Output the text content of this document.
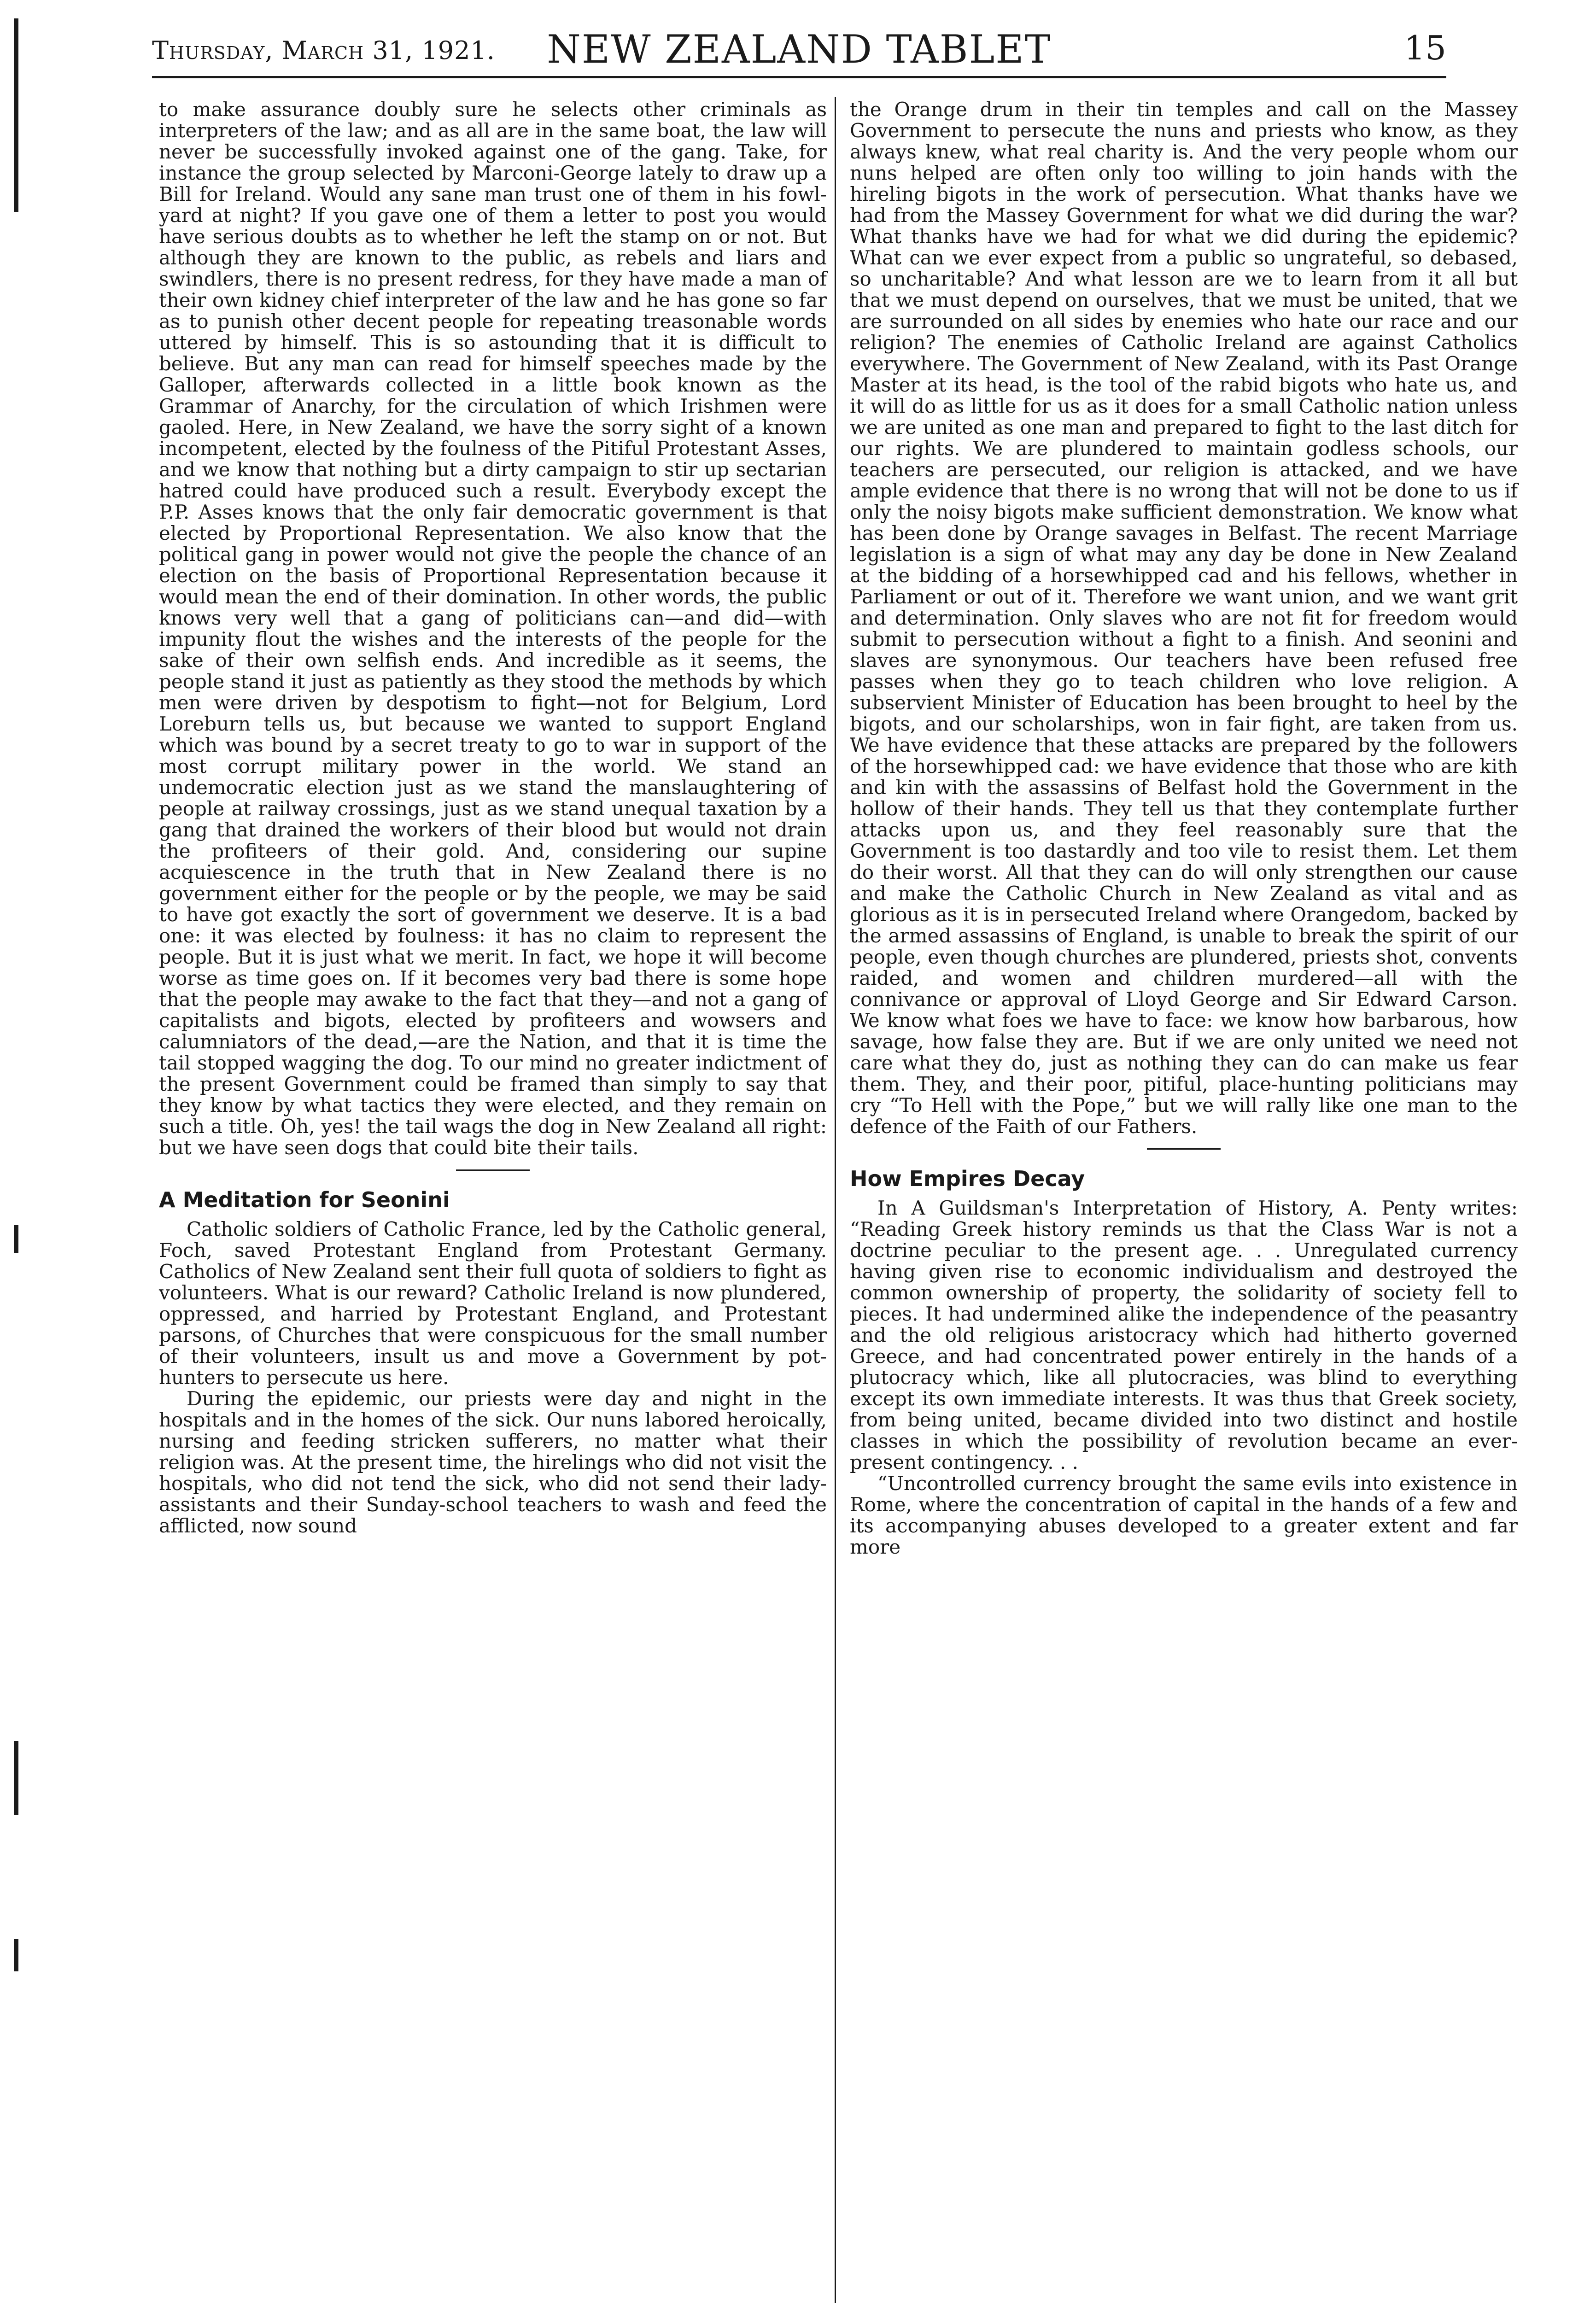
Thursday, March 31, 1921.	NEW ZEALAND TABLET	15

to make assurance doubly sure he selects other criminals as interpreters of the law; and as all are in the same boat, the law will never be successfully invoked against one of the gang. Take, for instance the group selected by Marconi-George lately to draw up a Bill for Ireland. Would any sane man trust one of them in his fowl-yard at night? If you gave one of them a letter to post you would have serious doubts as to whether he left the stamp on or not. But although they are known to the public, as rebels and liars and swindlers, there is no present redress, for they have made a man of their own kidney chief interpreter of the law and he has gone so far as to punish other decent people for repeating treasonable words uttered by himself. This is so astounding that it is difficult to believe. But any man can read for himself speeches made by the Galloper, afterwards collected in a little book known as the Grammar of Anarchy, for the circulation of which Irishmen were gaoled. Here, in New Zealand, we have the sorry sight of a known incompetent, elected by the foulness of the Pitiful Protestant Asses, and we know that nothing but a dirty campaign to stir up sectarian hatred could have produced such a result. Everybody except the P.P. Asses knows that the only fair democratic government is that elected by Proportional Representation. We also know that the political gang in power would not give the people the chance of an election on the basis of Proportional Representation because it would mean the end of their domination. In other words, the public knows very well that a gang of politicians can—and did—with impunity flout the wishes and the interests of the people for the sake of their own selfish ends. And incredible as it seems, the people stand it just as patiently as they stood the methods by which men were driven by despotism to fight—not for Belgium, Lord Loreburn tells us, but because we wanted to support England which was bound by a secret treaty to go to war in support of the most corrupt military power in the world. We stand an undemocratic election just as we stand the manslaughtering of people at railway crossings, just as we stand unequal taxation by a gang that drained the workers of their blood but would not drain the profiteers of their gold. And, considering our supine acquiescence in the truth that in New Zealand there is no government either for the people or by the people, we may be said to have got exactly the sort of government we deserve. It is a bad one: it was elected by foulness: it has no claim to represent the people. But it is just what we merit. In fact, we hope it will become worse as time goes on. If it becomes very bad there is some hope that the people may awake to the fact that they—and not a gang of capitalists and bigots, elected by profiteers and wowsers and calumniators of the dead,—are the Nation, and that it is time the tail stopped wagging the dog. To our mind no greater indictment of the present Government could be framed than simply to say that they know by what tactics they were elected, and they remain on such a title. Oh, yes! the tail wags the dog in New Zealand all right: but we have seen dogs that could bite their tails.

A Meditation for Seonini

Catholic soldiers of Catholic France, led by the Catholic general, Foch, saved Protestant England from Protestant Germany. Catholics of New Zealand sent their full quota of soldiers to fight as volunteers. What is our reward? Catholic Ireland is now plundered, oppressed, and harried by Protestant England, and Protestant parsons, of Churches that were conspicuous for the small number of their volunteers, insult us and move a Government by pot-hunters to persecute us here.

During the epidemic, our priests were day and night in the hospitals and in the homes of the sick. Our nuns labored heroically, nursing and feeding stricken sufferers, no matter what their religion was. At the present time, the hirelings who did not visit the hospitals, who did not tend the sick, who did not send their lady-assistants and their Sunday-school teachers to wash and feed the afflicted, now sound

the Orange drum in their tin temples and call on the Massey Government to persecute the nuns and priests who know, as they always knew, what real charity is. And the very people whom our nuns helped are often only too willing to join hands with the hireling bigots in the work of persecution. What thanks have we had from the Massey Government for what we did during the war? What thanks have we had for what we did during the epidemic? What can we ever expect from a public so ungrateful, so debased, so uncharitable? And what lesson are we to learn from it all but that we must depend on ourselves, that we must be united, that we are surrounded on all sides by enemies who hate our race and our religion? The enemies of Catholic Ireland are against Catholics everywhere. The Government of New Zealand, with its Past Orange Master at its head, is the tool of the rabid bigots who hate us, and it will do as little for us as it does for a small Catholic nation unless we are united as one man and prepared to fight to the last ditch for our rights. We are plundered to maintain godless schools, our teachers are persecuted, our religion is attacked, and we have ample evidence that there is no wrong that will not be done to us if only the noisy bigots make sufficient demonstration. We know what has been done by Orange savages in Belfast. The recent Marriage legislation is a sign of what may any day be done in New Zealand at the bidding of a horsewhipped cad and his fellows, whether in Parliament or out of it. Therefore we want union, and we want grit and determination. Only slaves who are not fit for freedom would submit to persecution without a fight to a finish. And seonini and slaves are synonymous. Our teachers have been refused free passes when they go to teach children who love religion. A subservient Minister of Education has been brought to heel by the bigots, and our scholarships, won in fair fight, are taken from us. We have evidence that these attacks are prepared by the followers of the horsewhipped cad: we have evidence that those who are kith and kin with the assassins of Belfast hold the Government in the hollow of their hands. They tell us that they contemplate further attacks upon us, and they feel reasonably sure that the Government is too dastardly and too vile to resist them. Let them do their worst. All that they can do will only strengthen our cause and make the Catholic Church in New Zealand as vital and as glorious as it is in persecuted Ireland where Orangedom, backed by the armed assassins of England, is unable to break the spirit of our people, even though churches are plundered, priests shot, convents raided, and women and children murdered—all with the connivance or approval of Lloyd George and Sir Edward Carson. We know what foes we have to face: we know how barbarous, how savage, how false they are. But if we are only united we need not care what they do, just as nothing they can do can make us fear them. They, and their poor, pitiful, place-hunting politicians may cry “To Hell with the Pope,” but we will rally like one man to the defence of the Faith of our Fathers.

How Empires Decay

In A Guildsman's Interpretation of History, A. Penty writes: “Reading Greek history reminds us that the Class War is not a doctrine peculiar to the present age. . . Unregulated currency having given rise to economic individualism and destroyed the common ownership of property, the solidarity of society fell to pieces. It had undermined alike the independence of the peasantry and the old religious aristocracy which had hitherto governed Greece, and had concentrated power entirely in the hands of a plutocracy which, like all plutocracies, was blind to everything except its own immediate interests. It was thus that Greek society, from being united, became divided into two distinct and hostile classes in which the possibility of revolution became an ever-present contingency. . .

“Uncontrolled currency brought the same evils into existence in Rome, where the concentration of capital in the hands of a few and its accompanying abuses developed to a greater extent and far more
